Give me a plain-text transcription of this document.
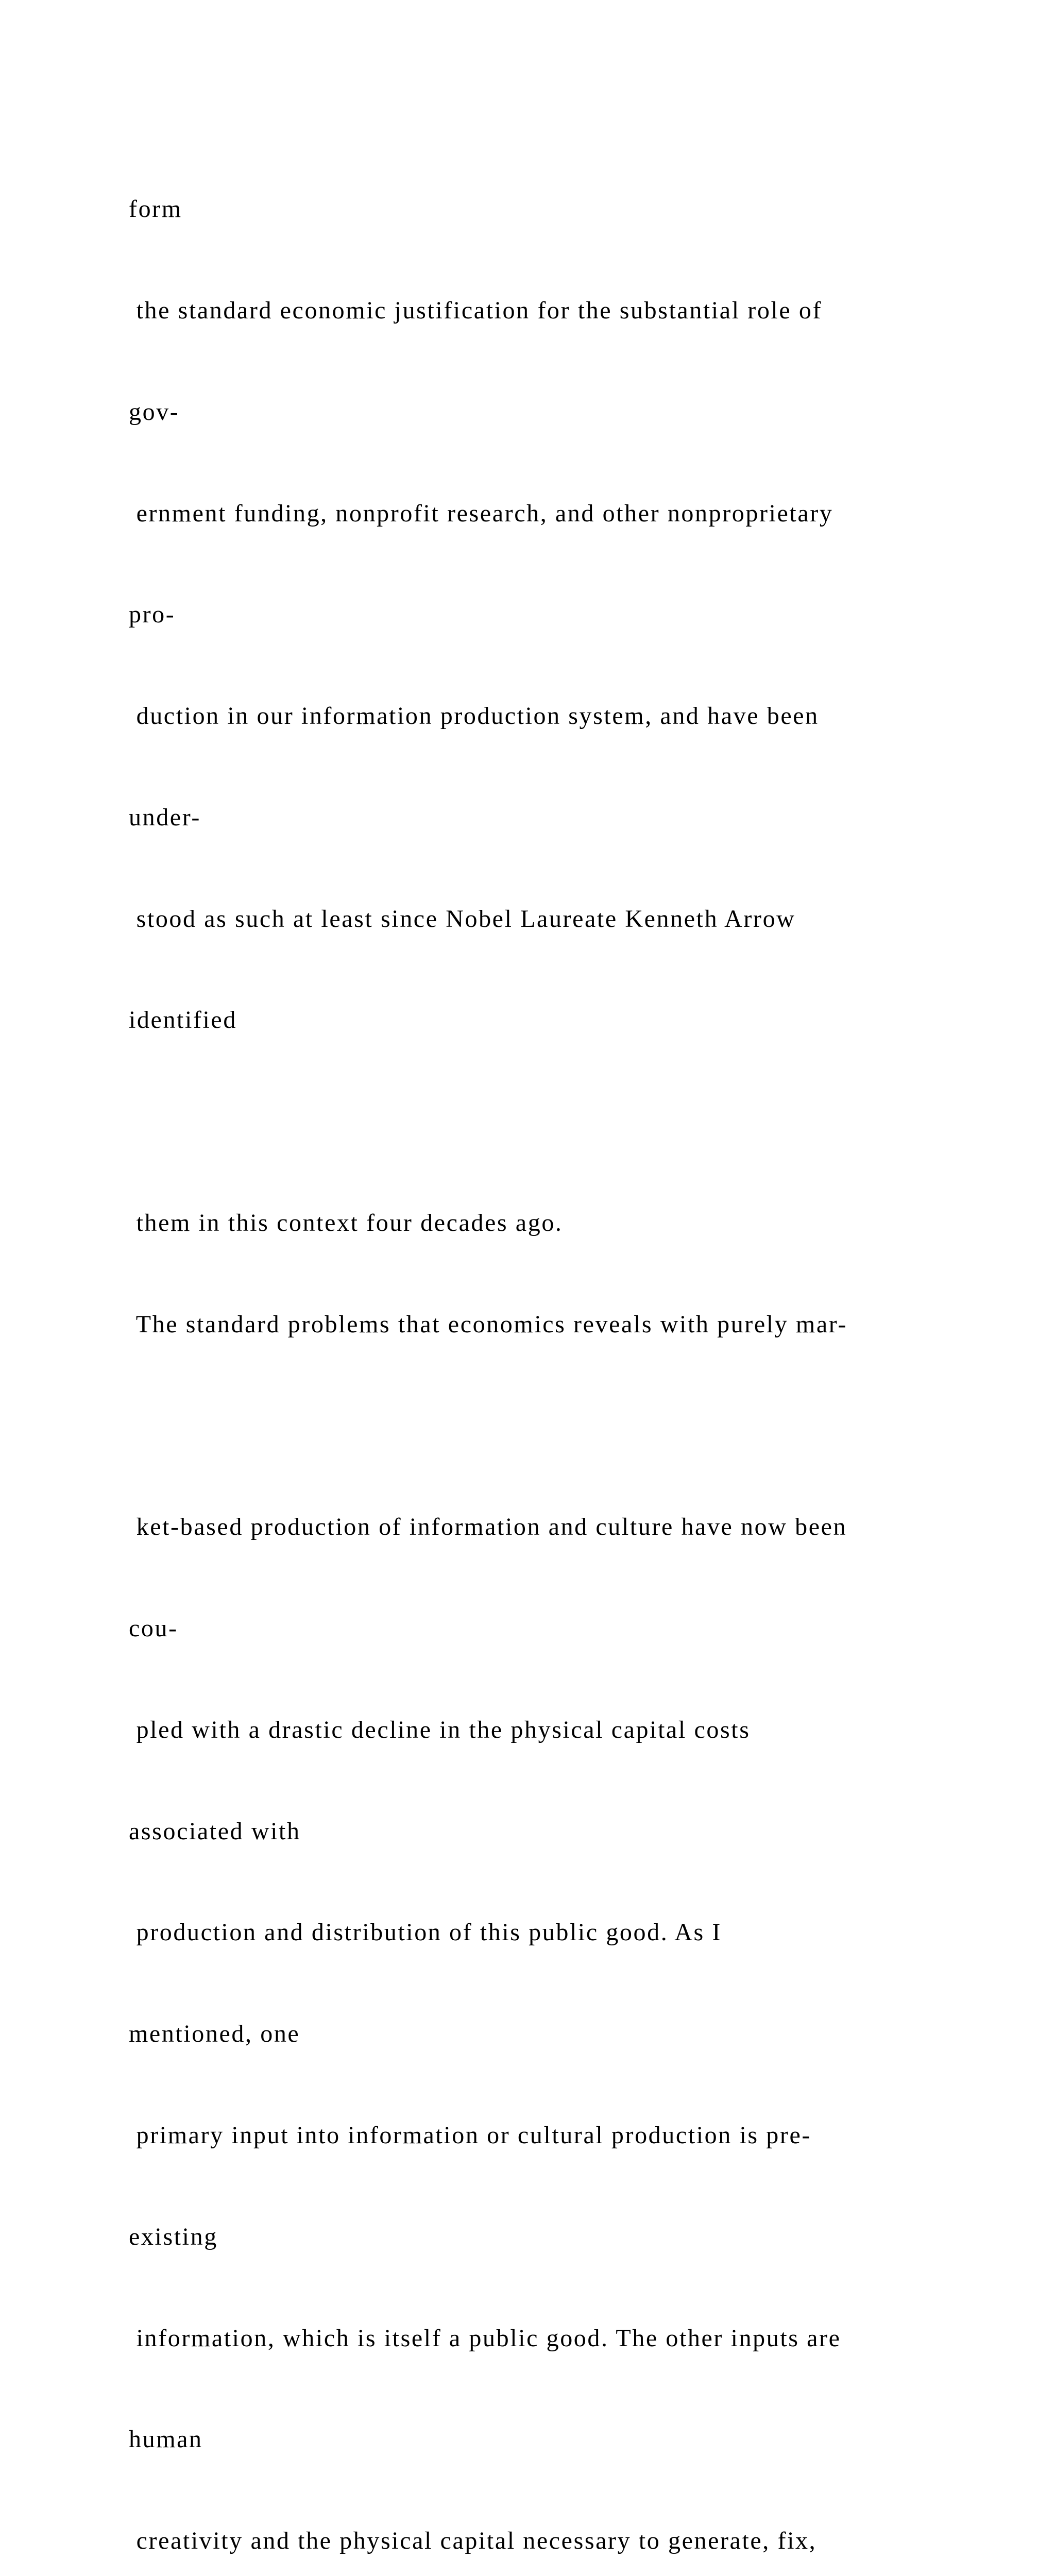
form

the standard economic justification for the substantial role of

gov-

ernment funding, nonprofit research, and other nonproprietary

pro-

duction in our information production system, and have been

under-

stood as such at least since Nobel Laureate Kenneth Arrow

identified

them in this context four decades ago.

The standard problems that economics reveals with purely mar-

ket-based production of information and culture have now been

cou-

pled with a drastic decline in the physical capital costs

associated with

production and distribution of this public good. As I

mentioned, one

primary input into information or cultural production is pre-

existing

information, which is itself a public good. The other inputs are

human

creativity and the physical capital necessary to generate, fix,
